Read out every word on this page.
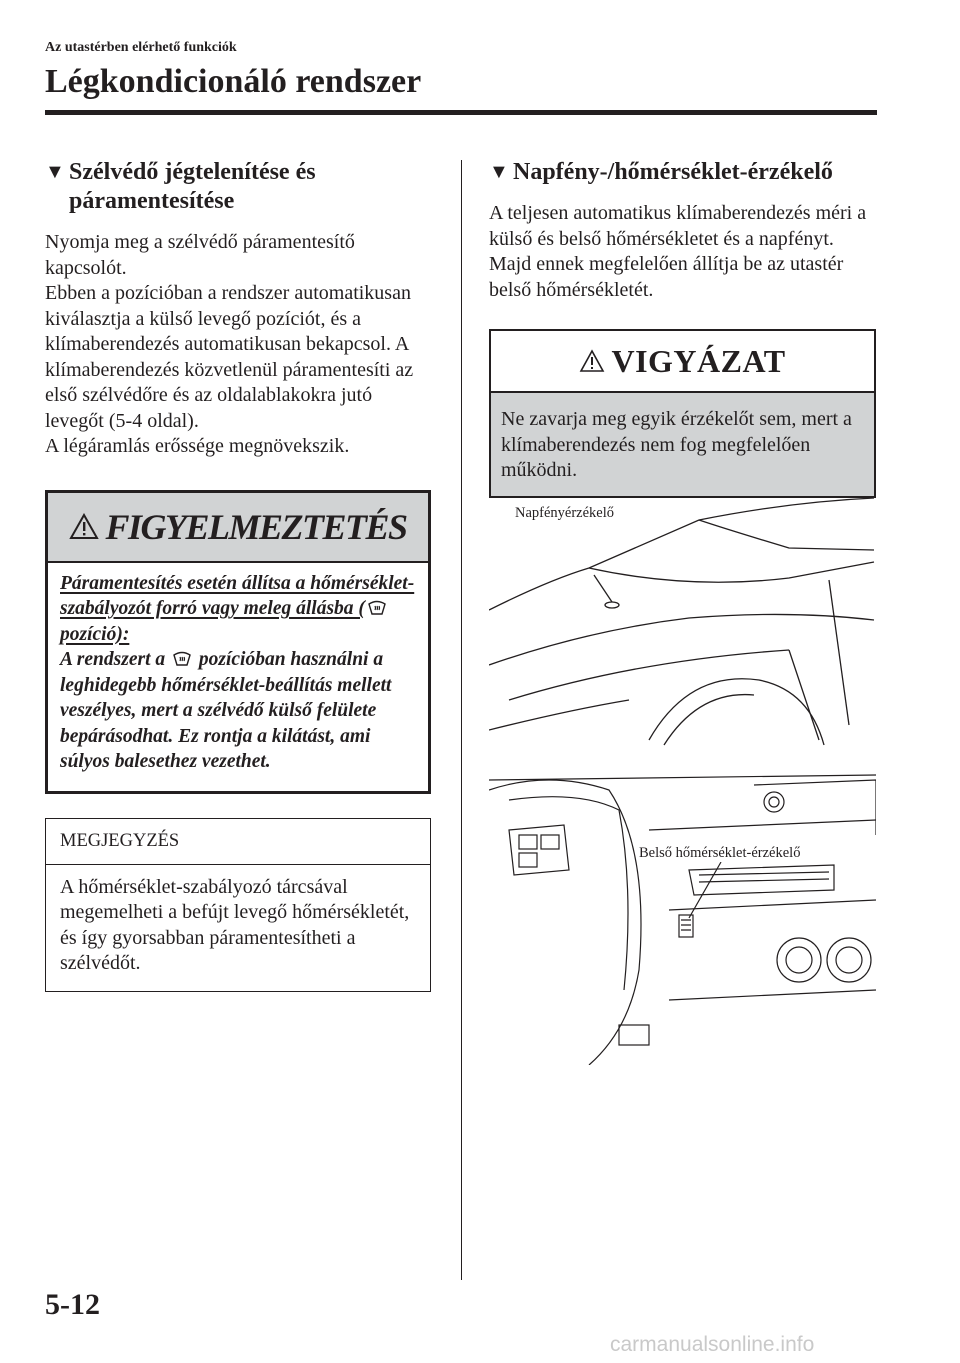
Az utastérben elérhető funkciók
Légkondicionáló rendszer
▼ Szélvédő jégtelenítése és páramentesítése

Nyomja meg a szélvédő páramentesítő kapcsolót.

Ebben a pozícióban a rendszer automatikusan kiválasztja a külső levegő pozíciót, és a klímaberendezés automatikusan bekapcsol. A klímaberendezés közvetlenül páramentesíti az első szélvédőre és az oldalablakokra jutó levegőt (5-4 oldal).

A légáramlás erőssége megnövekszik.

FIGYELMEZTETÉS
Páramentesítés esetén állítsa a hőmérséklet-szabályozót forró vagy meleg állásba ( pozíció):
A rendszert a  pozícióban használni a leghidegebb hőmérséklet-beállítás mellett veszélyes, mert a szélvédő külső felülete bepárásodhat. Ez rontja a kilátást, ami súlyos balesethez vezethet.
MEGJEGYZÉS
A hőmérséklet-szabályozó tárcsával megemelheti a befújt levegő hőmérsékletét, és így gyorsabban páramentesítheti a szélvédőt.
▼ Napfény-/hőmérséklet-érzékelő
A teljesen automatikus klímaberendezés méri a külső és belső hőmérsékletet és a napfényt. Majd ennek megfelelően állítja be az utastér belső hőmérsékletét.
VIGYÁZAT
Ne zavarja meg egyik érzékelőt sem, mert a klímaberendezés nem fog megfelelően működni.
Napfényérzékelő
Belső hőmérséklet-érzékelő
5-12
carmanualsonline.info
